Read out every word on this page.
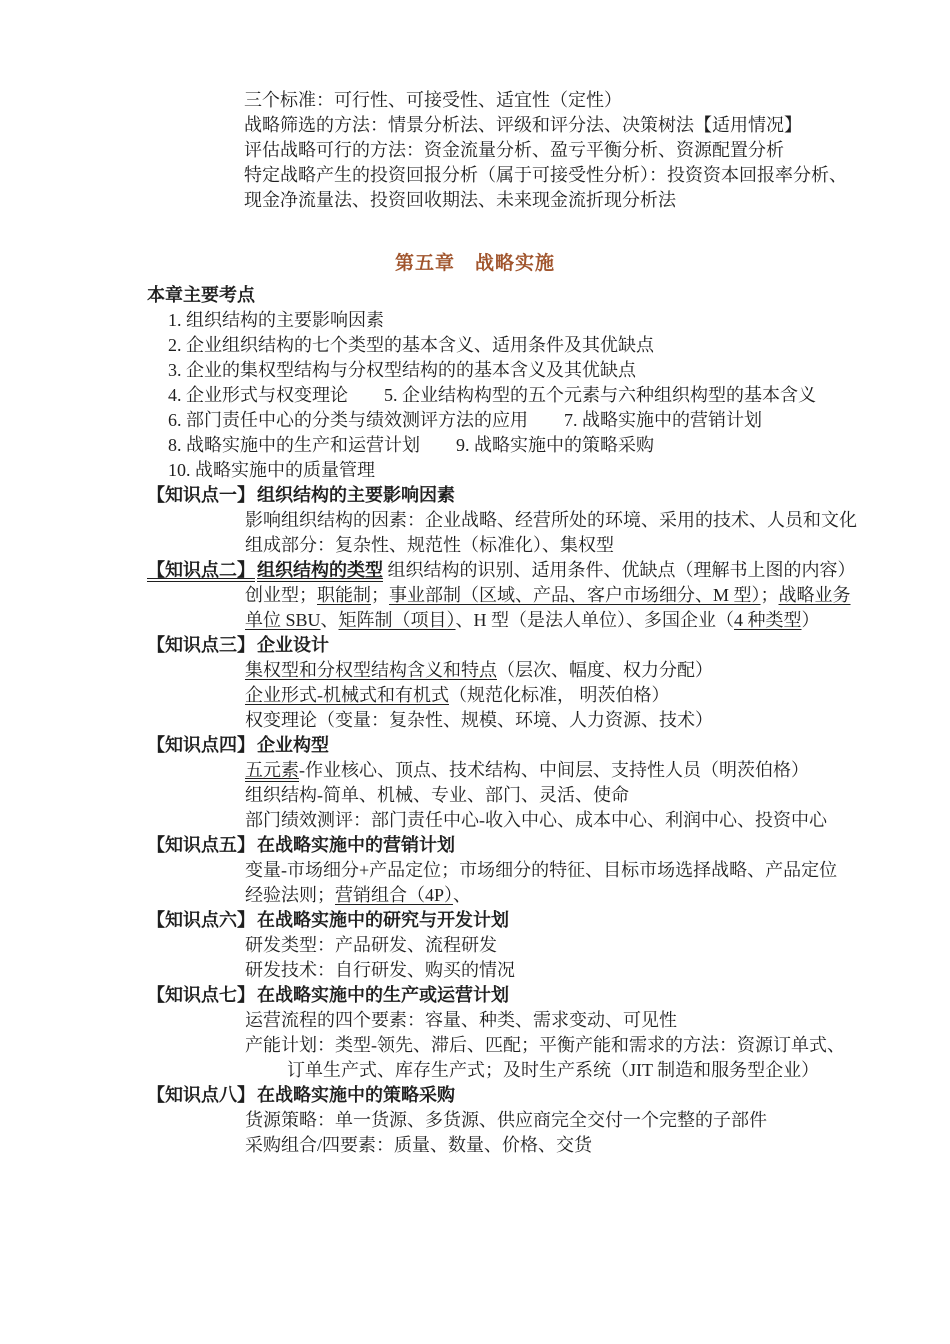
三个标准：可行性、可接受性、适宜性（定性）
战略筛选的方法：情景分析法、评级和评分法、决策树法【适用情况】
评估战略可行的方法：资金流量分析、盈亏平衡分析、资源配置分析
特定战略产生的投资回报分析（属于可接受性分析）：投资资本回报率分析、
现金净流量法、投资回收期法、未来现金流折现分析法
第五章　战略实施
本章主要考点
1. 组织结构的主要影响因素
2. 企业组织结构的七个类型的基本含义、适用条件及其优缺点
3. 企业的集权型结构与分权型结构的的基本含义及其优缺点
4. 企业形式与权变理论　　5. 企业结构构型的五个元素与六种组织构型的基本含义
6. 部门责任中心的分类与绩效测评方法的应用　　7. 战略实施中的营销计划
8. 战略实施中的生产和运营计划　　9. 战略实施中的策略采购
10. 战略实施中的质量管理
【知识点一】 组织结构的主要影响因素
影响组织结构的因素：企业战略、经营所处的环境、采用的技术、人员和文化
组成部分：复杂性、规范性（标准化）、集权型
【知识点二】 组织结构的类型 组织结构的识别、适用条件、优缺点（理解书上图的内容）
创业型；职能制；事业部制（区域、产品、客户市场细分、M 型）；战略业务
单位 SBU、矩阵制（项目）、H 型（是法人单位）、多国企业（4 种类型）
【知识点三】 企业设计
集权型和分权型结构含义和特点（层次、幅度、权力分配）
企业形式-机械式和有机式（规范化标准， 明茨伯格）
权变理论（变量：复杂性、规模、环境、人力资源、技术）
【知识点四】 企业构型
五元素-作业核心、顶点、技术结构、中间层、支持性人员（明茨伯格）
组织结构-简单、机械、专业、部门、灵活、使命
部门绩效测评：部门责任中心-收入中心、成本中心、利润中心、投资中心
【知识点五】 在战略实施中的营销计划
变量-市场细分+产品定位；市场细分的特征、目标市场选择战略、产品定位
经验法则；营销组合（4P）、
【知识点六】 在战略实施中的研究与开发计划
研发类型：产品研发、流程研发
研发技术：自行研发、购买的情况
【知识点七】 在战略实施中的生产或运营计划
运营流程的四个要素：容量、种类、需求变动、可见性
产能计划：类型-领先、滞后、匹配；平衡产能和需求的方法：资源订单式、
订单生产式、库存生产式；及时生产系统（JIT 制造和服务型企业）
【知识点八】 在战略实施中的策略采购
货源策略：单一货源、多货源、供应商完全交付一个完整的子部件
采购组合/四要素：质量、数量、价格、交货
